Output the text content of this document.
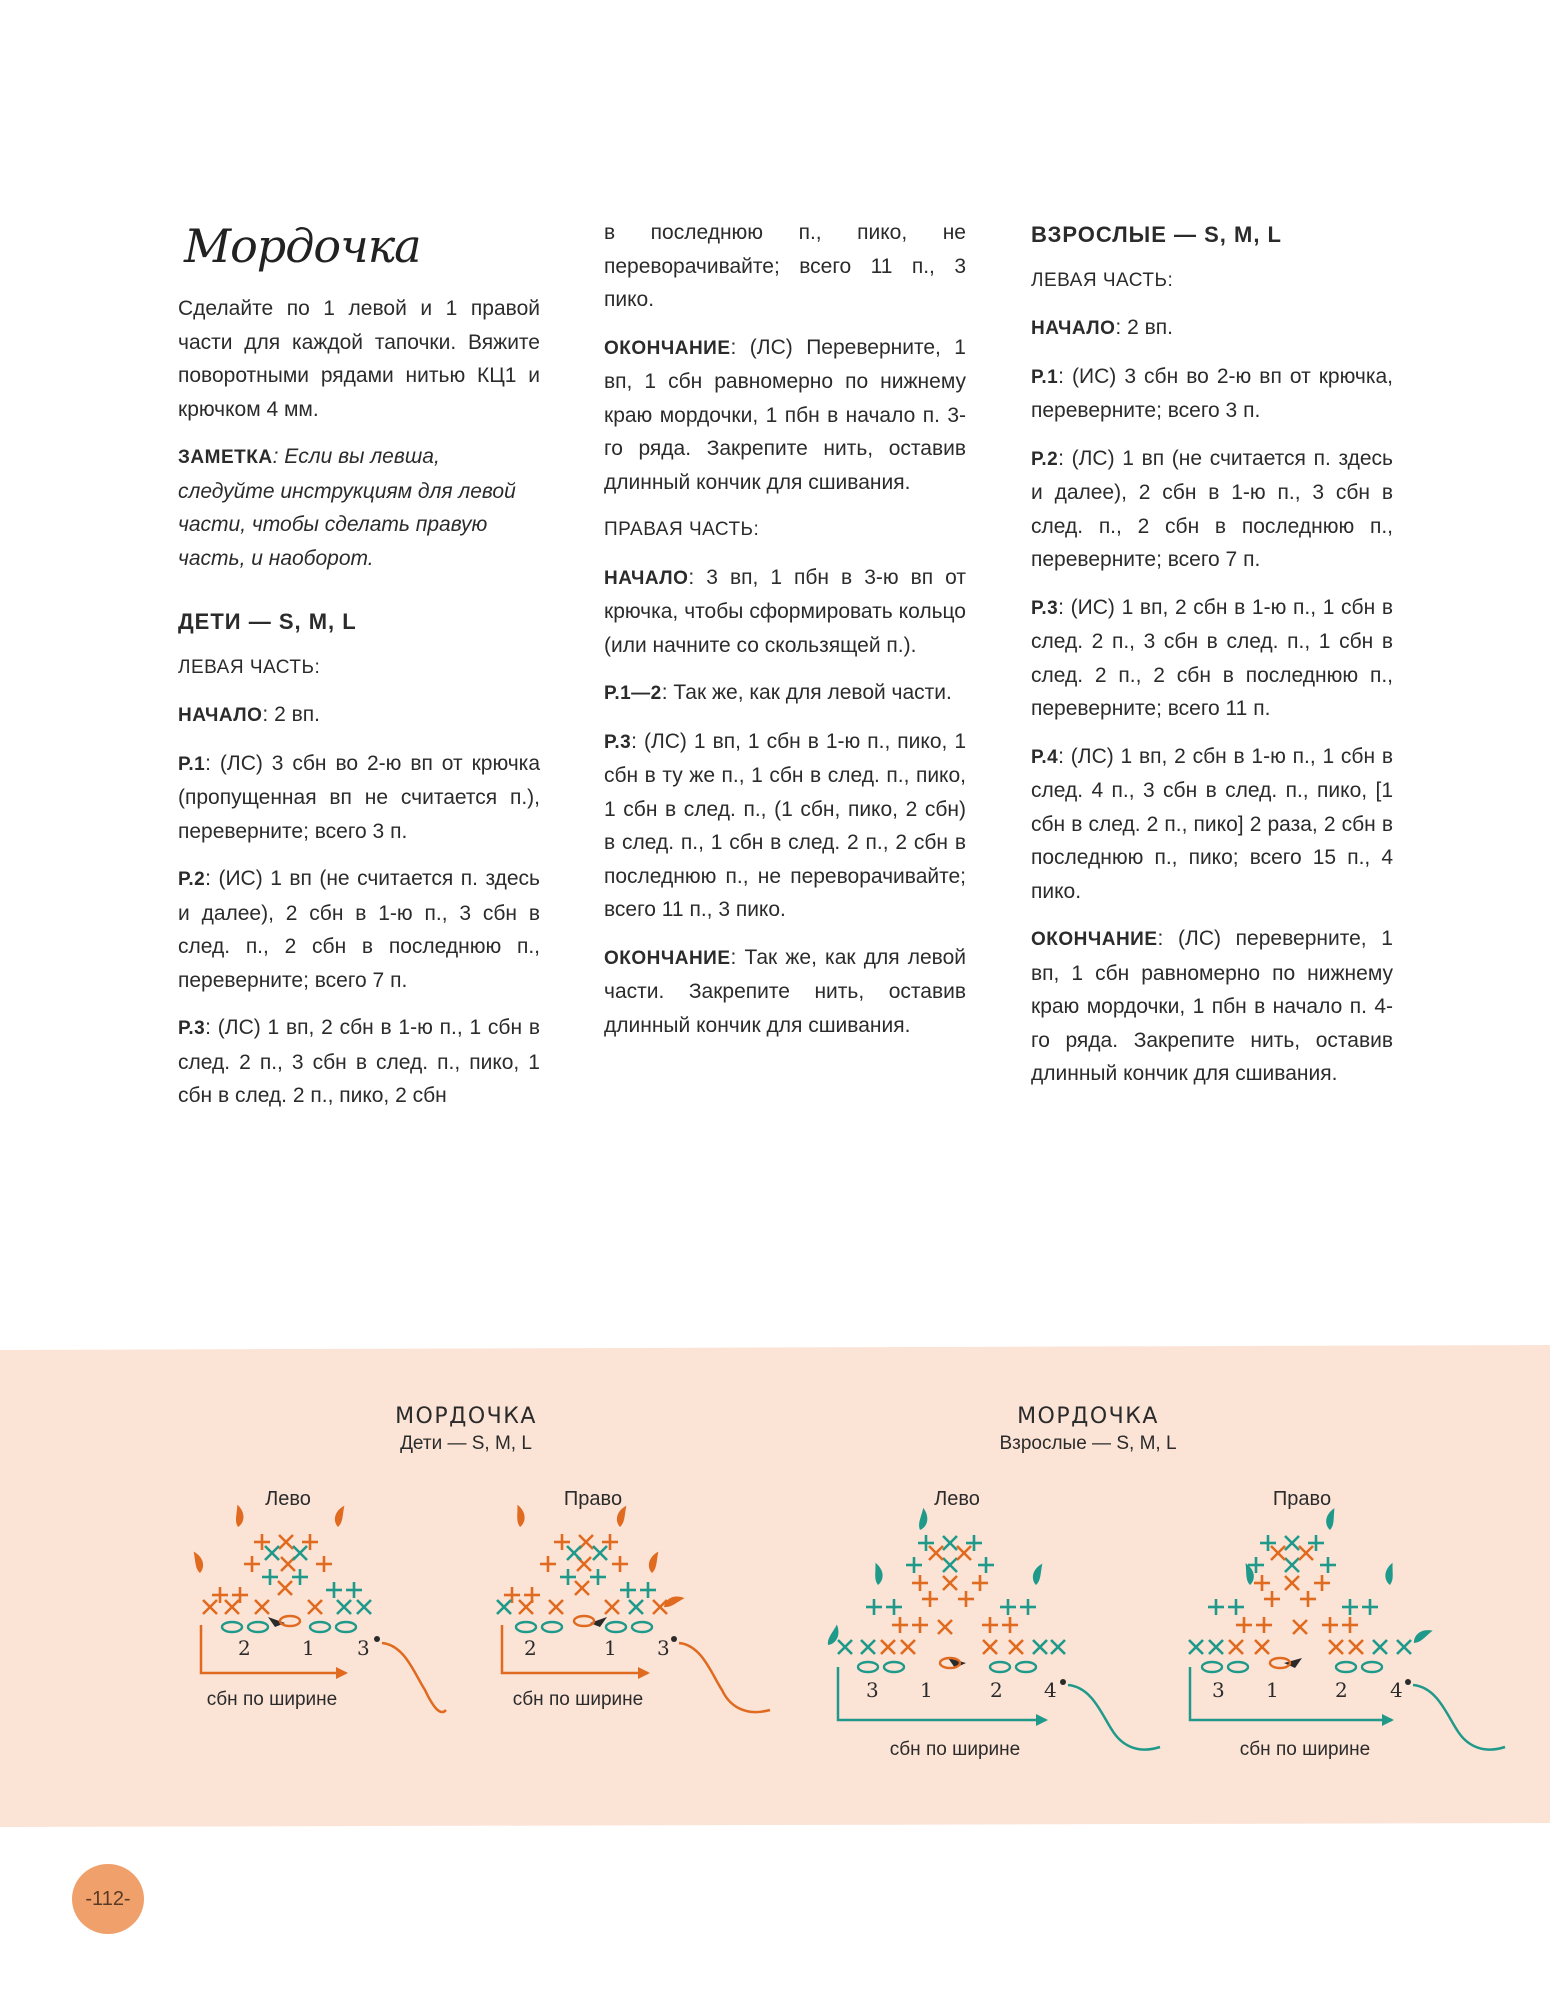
Мордочка

Сделайте по 1 левой и 1 правой части для каждой тапочки. Вяжите поворотными рядами нитью КЦ1 и крючком 4 мм.

ЗАМЕТКА: Если вы левша, следуйте инструкциям для левой части, чтобы сделать правую часть, и наоборот.

ДЕТИ — S, M, L

ЛЕВАЯ ЧАСТЬ:

НАЧАЛО: 2 вп.

Р.1: (ЛС) 3 сбн во 2-ю вп от крючка (пропущенная вп не считается п.), переверните; всего 3 п.

Р.2: (ИС) 1 вп (не считается п. здесь и далее), 2 сбн в 1-ю п., 3 сбн в след. п., 2 сбн в последнюю п., переверните; всего 7 п.

Р.3: (ЛС) 1 вп, 2 сбн в 1-ю п., 1 сбн в след. 2 п., 3 сбн в след. п., пико, 1 сбн в след. 2 п., пико, 2 сбн

в последнюю п., пико, не переворачивайте; всего 11 п., 3 пико.

ОКОНЧАНИЕ: (ЛС) Переверните, 1 вп, 1 сбн равномерно по нижнему краю мордочки, 1 пбн в начало п. 3-го ряда. Закрепите нить, оставив длинный кончик для сшивания.

ПРАВАЯ ЧАСТЬ:

НАЧАЛО: 3 вп, 1 пбн в 3-ю вп от крючка, чтобы сформировать кольцо (или начните со скользящей п.).

Р.1—2: Так же, как для левой части.

Р.3: (ЛС) 1 вп, 1 сбн в 1-ю п., пико, 1 сбн в ту же п., 1 сбн в след. п., пико, 1 сбн в след. п., (1 сбн, пико, 2 сбн) в след. п., 1 сбн в след. 2 п., 2 сбн в последнюю п., не переворачивайте; всего 11 п., 3 пико.

ОКОНЧАНИЕ: Так же, как для левой части. Закрепите нить, оставив длинный кончик для сшивания.

ВЗРОСЛЫЕ — S, M, L

ЛЕВАЯ ЧАСТЬ:

НАЧАЛО: 2 вп.

Р.1: (ИС) 3 сбн во 2-ю вп от крючка, переверните; всего 3 п.

Р.2: (ЛС) 1 вп (не считается п. здесь и далее), 2 сбн в 1-ю п., 3 сбн в след. п., 2 сбн в последнюю п., переверните; всего 7 п.

Р.3: (ИС) 1 вп, 2 сбн в 1-ю п., 1 сбн в след. 2 п., 3 сбн в след. п., 1 сбн в след. 2 п., 2 сбн в последнюю п., переверните; всего 11 п.

Р.4: (ЛС) 1 вп, 2 сбн в 1-ю п., 1 сбн в след. 4 п., 3 сбн в след. п., пико, [1 сбн в след. 2 п., пико] 2 раза, 2 сбн в последнюю п., пико; всего 15 п., 4 пико.

ОКОНЧАНИЕ: (ЛС) переверните, 1 вп, 1 сбн равномерно по нижнему краю мордочки, 1 пбн в начало п. 4-го ряда. Закрепите нить, оставив длинный кончик для сшивания.

МОРДОЧКА
Дети — S, M, L
МОРДОЧКА
Взрослые — S, M, L
Лево
2	1 3
сбн по ширине
Право
2	1 3
сбн по ширине
Лево
3 1	2 4
сбн по ширине
Право
3 1	2 4
сбн по ширине
-112-
